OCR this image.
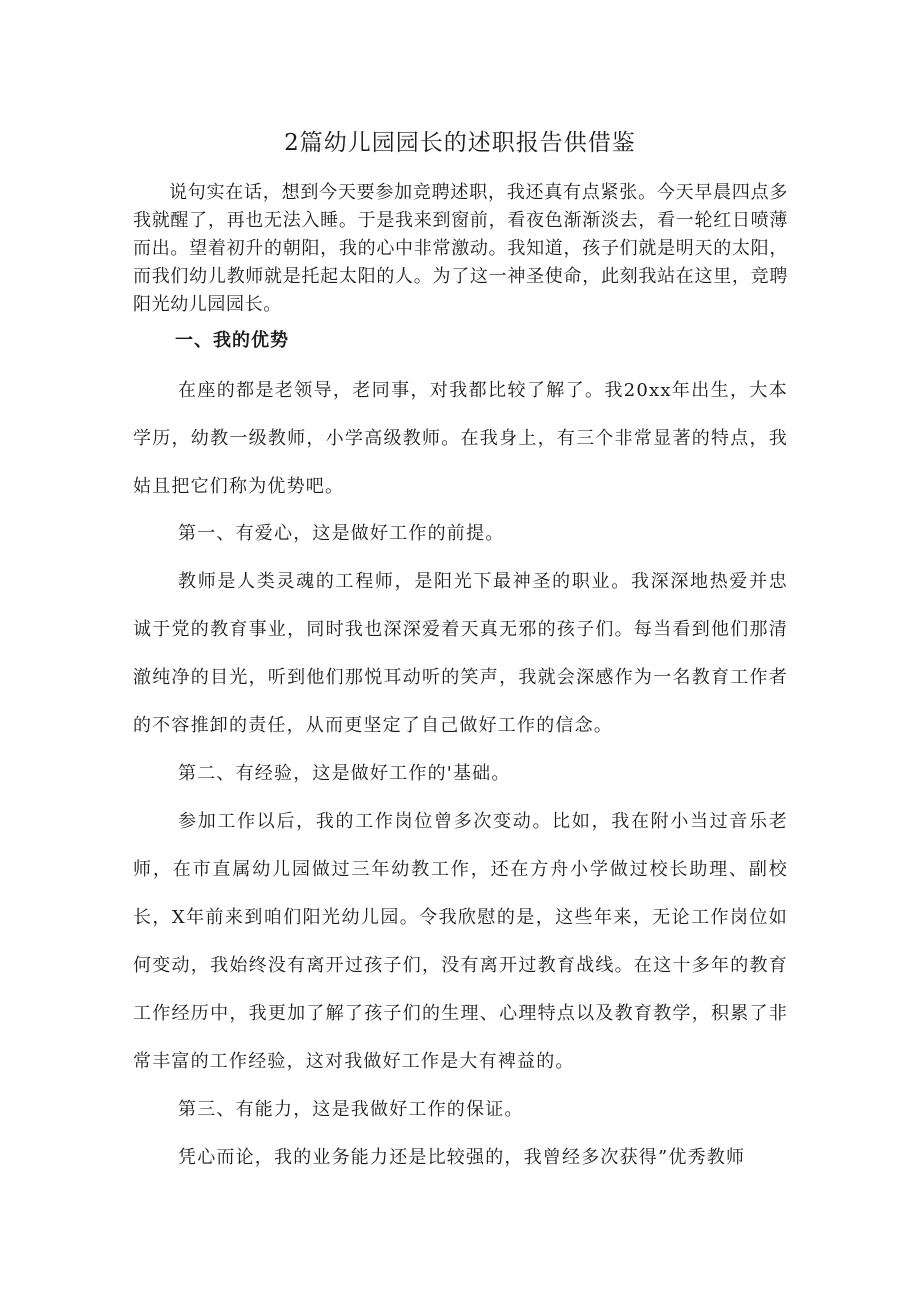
2篇幼儿园园长的述职报告供借鉴

说句实在话，想到今天要参加竞聘述职，我还真有点紧张。今天早晨四点多我就醒了，再也无法入睡。于是我来到窗前，看夜色渐渐淡去，看一轮红日喷薄而出。望着初升的朝阳，我的心中非常激动。我知道，孩子们就是明天的太阳，而我们幼儿教师就是托起太阳的人。为了这一神圣使命，此刻我站在这里，竞聘阳光幼儿园园长。

一、我的优势

在座的都是老领导，老同事，对我都比较了解了。我20xx年出生，大本学历，幼教一级教师，小学高级教师。在我身上，有三个非常显著的特点，我姑且把它们称为优势吧。

第一、有爱心，这是做好工作的前提。

教师是人类灵魂的工程师，是阳光下最神圣的职业。我深深地热爱并忠诚于党的教育事业，同时我也深深爱着天真无邪的孩子们。每当看到他们那清澈纯净的目光，听到他们那悦耳动听的笑声，我就会深感作为一名教育工作者的不容推卸的责任，从而更坚定了自己做好工作的信念。

第二、有经验，这是做好工作的'基础。

参加工作以后，我的工作岗位曾多次变动。比如，我在附小当过音乐老师，在市直属幼儿园做过三年幼教工作，还在方舟小学做过校长助理、副校长，X年前来到咱们阳光幼儿园。令我欣慰的是，这些年来，无论工作岗位如何变动，我始终没有离开过孩子们，没有离开过教育战线。在这十多年的教育工作经历中，我更加了解了孩子们的生理、心理特点以及教育教学，积累了非常丰富的工作经验，这对我做好工作是大有裨益的。

第三、有能力，这是我做好工作的保证。

凭心而论，我的业务能力还是比较强的，我曾经多次获得”优秀教师
